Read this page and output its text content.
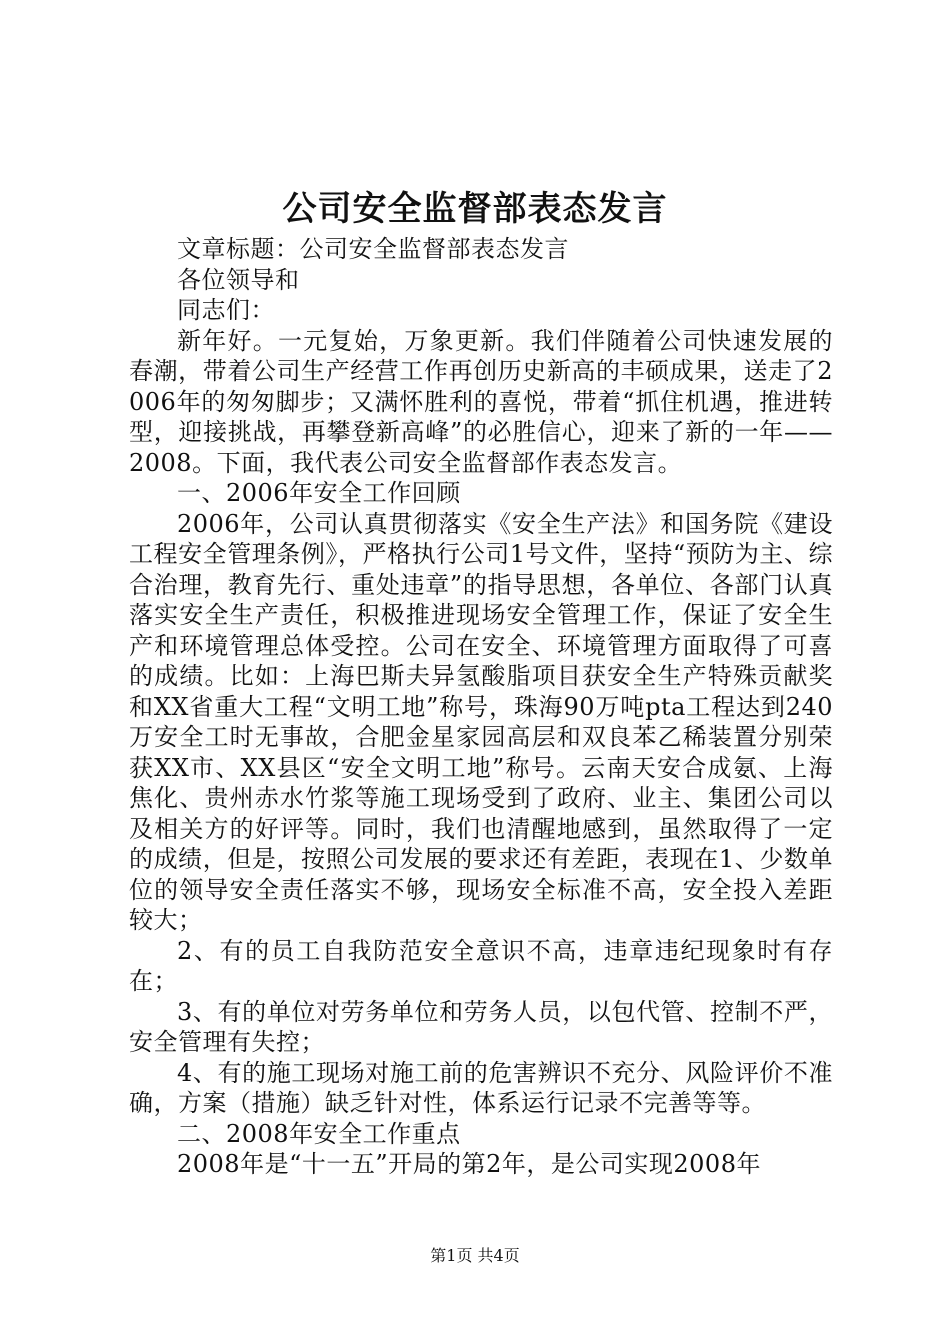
公司安全监督部表态发言

文章标题：公司安全监督部表态发言

各位领导和

同志们：

新年好。一元复始，万象更新。我们伴随着公司快速发展的春潮，带着公司生产经营工作再创历史新高的丰硕成果，送走了2006年的匆匆脚步；又满怀胜利的喜悦，带着“抓住机遇，推进转型，迎接挑战，再攀登新高峰”的必胜信心，迎来了新的一年——2008。下面，我代表公司安全监督部作表态发言。

一、2006年安全工作回顾

2006年，公司认真贯彻落实《安全生产法》和国务院《建设工程安全管理条例》，严格执行公司1号文件，坚持“预防为主、综合治理，教育先行、重处违章”的指导思想，各单位、各部门认真落实安全生产责任，积极推进现场安全管理工作，保证了安全生产和环境管理总体受控。公司在安全、环境管理方面取得了可喜的成绩。比如：上海巴斯夫异氢酸脂项目获安全生产特殊贡献奖和XX省重大工程“文明工地”称号，珠海90万吨pta工程达到240万安全工时无事故，合肥金星家园高层和双良苯乙稀装置分别荣获XX市、XX县区“安全文明工地”称号。云南天安合成氨、上海焦化、贵州赤水竹浆等施工现场受到了政府、业主、集团公司以及相关方的好评等。同时，我们也清醒地感到，虽然取得了一定的成绩，但是，按照公司发展的要求还有差距，表现在1、少数单位的领导安全责任落实不够，现场安全标准不高，安全投入差距较大；

2、有的员工自我防范安全意识不高，违章违纪现象时有存在；

3、有的单位对劳务单位和劳务人员，以包代管、控制不严，安全管理有失控；

4、有的施工现场对施工前的危害辨识不充分、风险评价不准确，方案（措施）缺乏针对性，体系运行记录不完善等等。

二、2008年安全工作重点

2008年是“十一五”开局的第2年，是公司实现2008年

第1页 共4页
